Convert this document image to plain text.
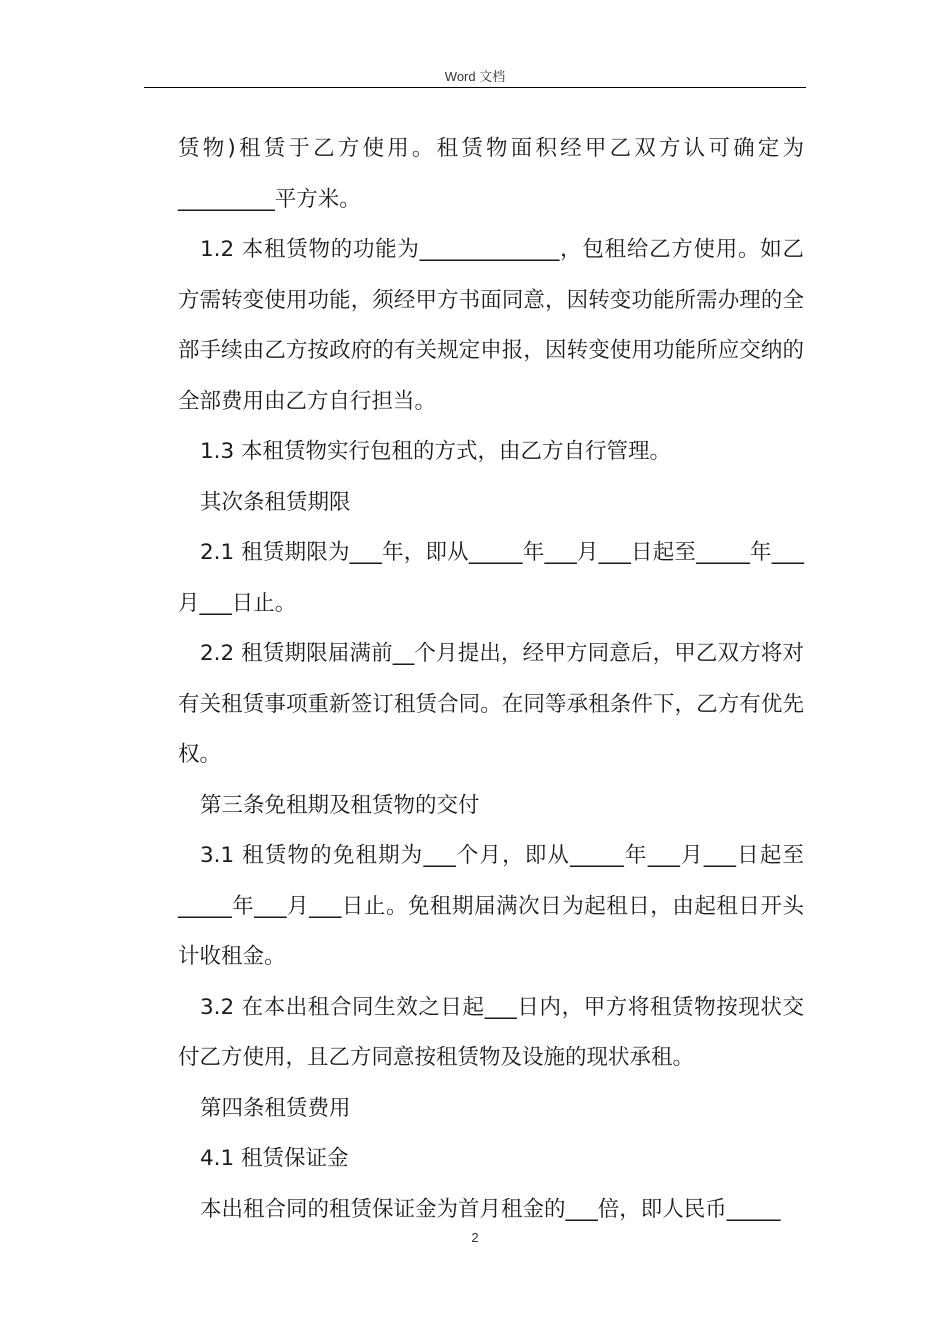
Word 文档

赁物)租赁于乙方使用。租赁物面积经甲乙双方认可确定为_________平方米。

1.2 本租赁物的功能为_____________，包租给乙方使用。如乙方需转变使用功能，须经甲方书面同意，因转变功能所需办理的全部手续由乙方按政府的有关规定申报，因转变使用功能所应交纳的全部费用由乙方自行担当。

1.3 本租赁物实行包租的方式，由乙方自行管理。

其次条租赁期限

2.1 租赁期限为___年，即从_____年___月___日起至_____年___月___日止。

2.2 租赁期限届满前__个月提出，经甲方同意后，甲乙双方将对有关租赁事项重新签订租赁合同。在同等承租条件下，乙方有优先权。

第三条免租期及租赁物的交付

3.1 租赁物的免租期为___个月，即从_____年___月___日起至_____年___月___日止。免租期届满次日为起租日，由起租日开头计收租金。

3.2 在本出租合同生效之日起___日内，甲方将租赁物按现状交付乙方使用，且乙方同意按租赁物及设施的现状承租。

第四条租赁费用

4.1 租赁保证金

本出租合同的租赁保证金为首月租金的___倍，即人民币_____

2
